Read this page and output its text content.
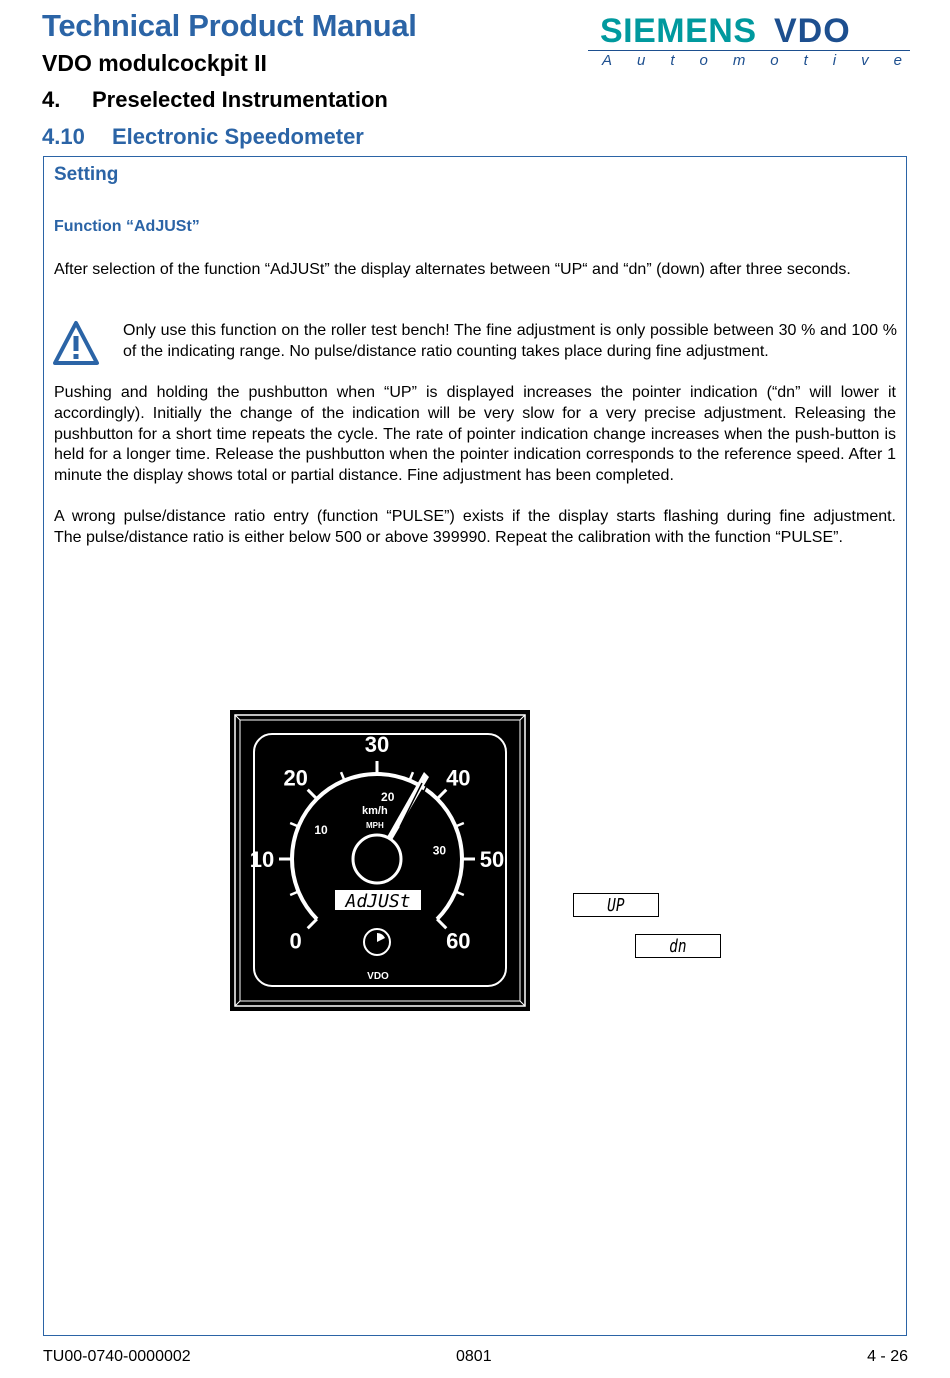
Technical Product Manual
VDO modulcockpit II
4. Preselected Instrumentation
4.10 Electronic Speedometer
SIEMENS VDO
A u t o m o t i v e
Setting
Function “AdJUSt”

After selection of the function “AdJUSt” the display alternates between “UP“ and “dn” (down) after three seconds.

Only use this function on the roller test bench! The fine adjustment is only possible between 30 % and 100 % of the indicating range. No pulse/distance ratio counting takes place during fine adjustment.

Pushing and holding the pushbutton when “UP” is displayed increases the pointer indication (“dn” will lower it accordingly). Initially the change of the indication will be very slow for a very precise adjustment. Releasing the pushbutton for a short time repeats the cycle. The rate of pointer indication change increases when the push-button is held for a longer time. Release the pushbutton when the pointer indication corresponds to the reference speed. After 1 minute the display shows total or partial distance. Fine adjustment has been completed.

A wrong pulse/distance ratio entry (function “PULSE”) exists if the display starts flashing during fine adjustment.
The pulse/distance ratio is either below 500 or above 399990. Repeat the calibration with the function “PULSE”.

0
10
20
30
40
50
60
10
20
30
AdJUSt
km/h
MPH
VDO
UP
dn
TU00-0740-0000002	0801	4 - 26
